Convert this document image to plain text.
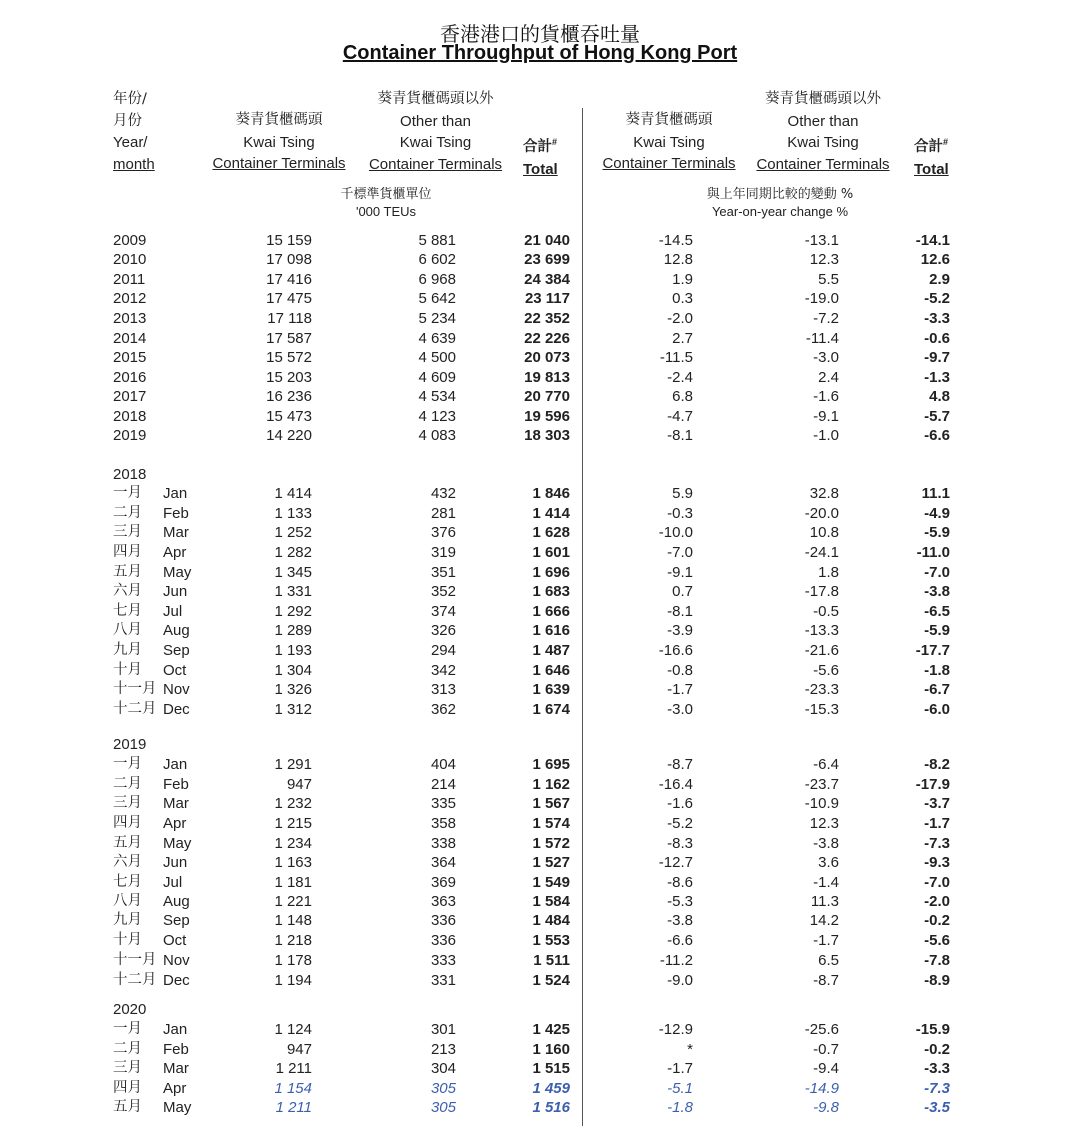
香港港口的貨櫃吞吐量
Container Throughput of Hong Kong Port
年份/
月份
Year/
month
葵青貨櫃碼頭
Kwai Tsing
Container Terminals
葵青貨櫃碼頭以外
Other than
Kwai Tsing
Container Terminals
合計#
Total
葵青貨櫃碼頭
Kwai Tsing
Container Terminals
葵青貨櫃碼頭以外
Other than
Kwai Tsing
Container Terminals
合計#
Total
千標準貨櫃單位
'000 TEUs
與上年同期比較的變動 %
Year-on-year change %
2009	15 159	5 881	21 040	-14.5	-13.1	-14.1
2010	17 098	6 602	23 699	12.8	12.3	12.6
2011	17 416	6 968	24 384	1.9	5.5	2.9
2012	17 475	5 642	23 117	0.3	-19.0	-5.2
2013	17 118	5 234	22 352	-2.0	-7.2	-3.3
2014	17 587	4 639	22 226	2.7	-11.4	-0.6
2015	15 572	4 500	20 073	-11.5	-3.0	-9.7
2016	15 203	4 609	19 813	-2.4	2.4	-1.3
2017	16 236	4 534	20 770	6.8	-1.6	4.8
2018	15 473	4 123	19 596	-4.7	-9.1	-5.7
2019	14 220	4 083	18 303	-8.1	-1.0	-6.6
2018
一月 Jan	1 414	432	1 846	5.9	32.8	11.1
二月 Feb	1 133	281	1 414	-0.3	-20.0	-4.9
三月 Mar	1 252	376	1 628	-10.0	10.8	-5.9
四月 Apr	1 282	319	1 601	-7.0	-24.1	-11.0
五月 May	1 345	351	1 696	-9.1	1.8	-7.0
六月 Jun	1 331	352	1 683	0.7	-17.8	-3.8
七月 Jul	1 292	374	1 666	-8.1	-0.5	-6.5
八月 Aug	1 289	326	1 616	-3.9	-13.3	-5.9
九月 Sep	1 193	294	1 487	-16.6	-21.6	-17.7
十月 Oct	1 304	342	1 646	-0.8	-5.6	-1.8
十一月 Nov	1 326	313	1 639	-1.7	-23.3	-6.7
十二月 Dec	1 312	362	1 674	-3.0	-15.3	-6.0
2019
一月 Jan	1 291	404	1 695	-8.7	-6.4	-8.2
二月 Feb	947	214	1 162	-16.4	-23.7	-17.9
三月 Mar	1 232	335	1 567	-1.6	-10.9	-3.7
四月 Apr	1 215	358	1 574	-5.2	12.3	-1.7
五月 May	1 234	338	1 572	-8.3	-3.8	-7.3
六月 Jun	1 163	364	1 527	-12.7	3.6	-9.3
七月 Jul	1 181	369	1 549	-8.6	-1.4	-7.0
八月 Aug	1 221	363	1 584	-5.3	11.3	-2.0
九月 Sep	1 148	336	1 484	-3.8	14.2	-0.2
十月 Oct	1 218	336	1 553	-6.6	-1.7	-5.6
十一月 Nov	1 178	333	1 511	-11.2	6.5	-7.8
十二月 Dec	1 194	331	1 524	-9.0	-8.7	-8.9
2020
一月 Jan	1 124	301	1 425	-12.9	-25.6	-15.9
二月 Feb	947	213	1 160	*	-0.7	-0.2
三月 Mar	1 211	304	1 515	-1.7	-9.4	-3.3
四月 Apr	1 154	305	1 459	-5.1	-14.9	-7.3
五月 May	1 211	305	1 516	-1.8	-9.8	-3.5
